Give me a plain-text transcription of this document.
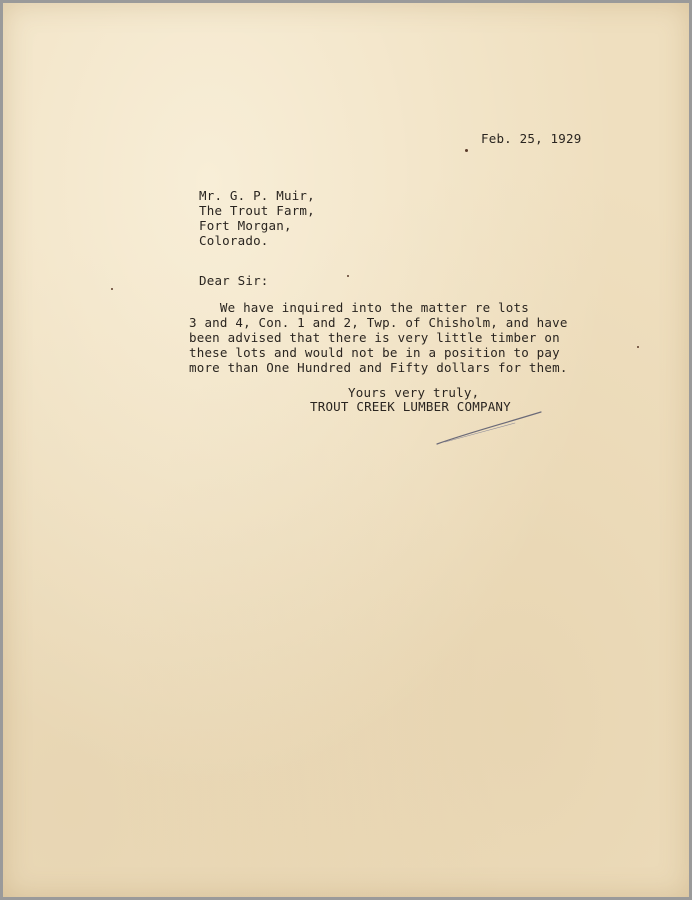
Feb. 25, 1929
Mr. G. P. Muir,
The Trout Farm,
Fort Morgan,
Colorado.
Dear Sir:
We have inquired into the matter re lots
3 and 4, Con. 1 and 2, Twp. of Chisholm, and have
been advised that there is very little timber on
these lots and would not be in a position to pay
more than One Hundred and Fifty dollars for them.
Yours very truly,
TROUT CREEK LUMBER COMPANY
